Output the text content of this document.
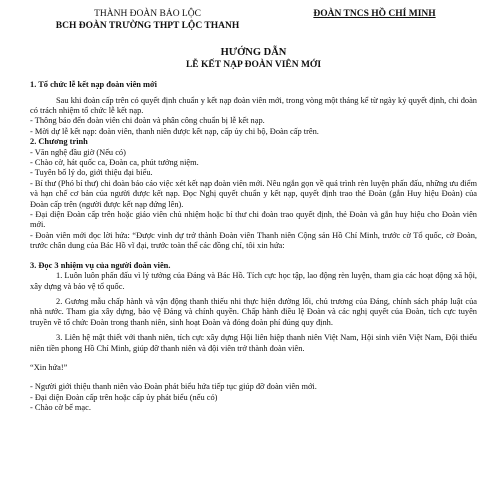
THÀNH ĐOÀN BẢO LỘC
BCH ĐOÀN TRƯỜNG THPT LỘC THANH
ĐOÀN TNCS HỒ CHÍ MINH
HƯỚNG DẪN
LỄ KẾT NẠP ĐOÀN VIÊN MỚI
1. Tổ chức lễ kết nạp đoàn viên mới

Sau khi đoàn cấp trên có quyết định chuẩn y kết nạp đoàn viên mới, trong vòng một tháng kể từ ngày ký quyết định, chi đoàn có trách nhiệm tổ chức lễ kết nạp.

- Thông báo đến đoàn viên chi đoàn và phân công chuẩn bị lễ kết nạp.

- Mời dự lễ kết nạp: đoàn viên, thanh niên được kết nạp, cấp ủy chi bộ, Đoàn cấp trên.

2. Chương trình

- Văn nghệ đầu giờ (Nếu có)

- Chào cờ, hát quốc ca, Đoàn ca, phút tưởng niệm.

- Tuyên bố lý do, giới thiệu đại biểu.

- Bí thư (Phó bí thư) chi đoàn báo cáo việc xét kết nạp đoàn viên mới. Nêu ngắn gọn về quá trình rèn luyện phấn đấu, những ưu điểm và hạn chế cơ bản của người được kết nạp. Đọc Nghị quyết chuẩn y kết nạp, quyết định trao thẻ Đoàn (gắn Huy hiệu Đoàn) của Đoàn cấp trên (người được kết nạp đứng lên).

- Đại diện Đoàn cấp trên hoặc giáo viên chủ nhiệm hoặc bí thư chi đoàn trao quyết định, thẻ Đoàn và gắn huy hiệu cho Đoàn viên mới.

- Đoàn viên mới đọc lời hứa: “Được vinh dự trở thành Đoàn viên Thanh niên Cộng sản Hồ Chí Minh, trước cờ Tổ quốc, cờ Đoàn, trước chân dung của Bác Hồ vĩ đại, trước toàn thể các đồng chí, tôi xin hứa:

3. Đọc 3 nhiệm vụ của người đoàn viên.

1. Luôn luôn phấn đấu vì lý tưởng của Đảng và Bác Hồ. Tích cực học tập, lao động rèn luyện, tham gia các hoạt động xã hội, xây dựng và bảo vệ tổ quốc.

2. Gương mẫu chấp hành và vận động thanh thiếu nhi thực hiện đường lối, chủ trương của Đảng, chính sách pháp luật của nhà nước. Tham gia xây dựng, bảo vệ Đảng và chính quyền. Chấp hành điều lệ Đoàn và các nghị quyết của Đoàn, tích cực tuyên truyền về tổ chức Đoàn trong thanh niên, sinh hoạt Đoàn và đóng đoàn phí đúng quy định.

3. Liên hệ mật thiết với thanh niên, tích cực xây dựng Hội liên hiệp thanh niên Việt Nam, Hội sinh viên Việt Nam, Đội thiếu niên tiền phong Hồ Chí Minh, giúp đỡ thanh niên và đội viên trở thành đoàn viên.

“Xin hứa!”

- Người giới thiệu thanh niên vào Đoàn phát biểu hứa tiếp tục giúp đỡ đoàn viên mới.

- Đại diện Đoàn cấp trên hoặc cấp ủy phát biểu (nếu có)

- Chào cờ bế mạc.
